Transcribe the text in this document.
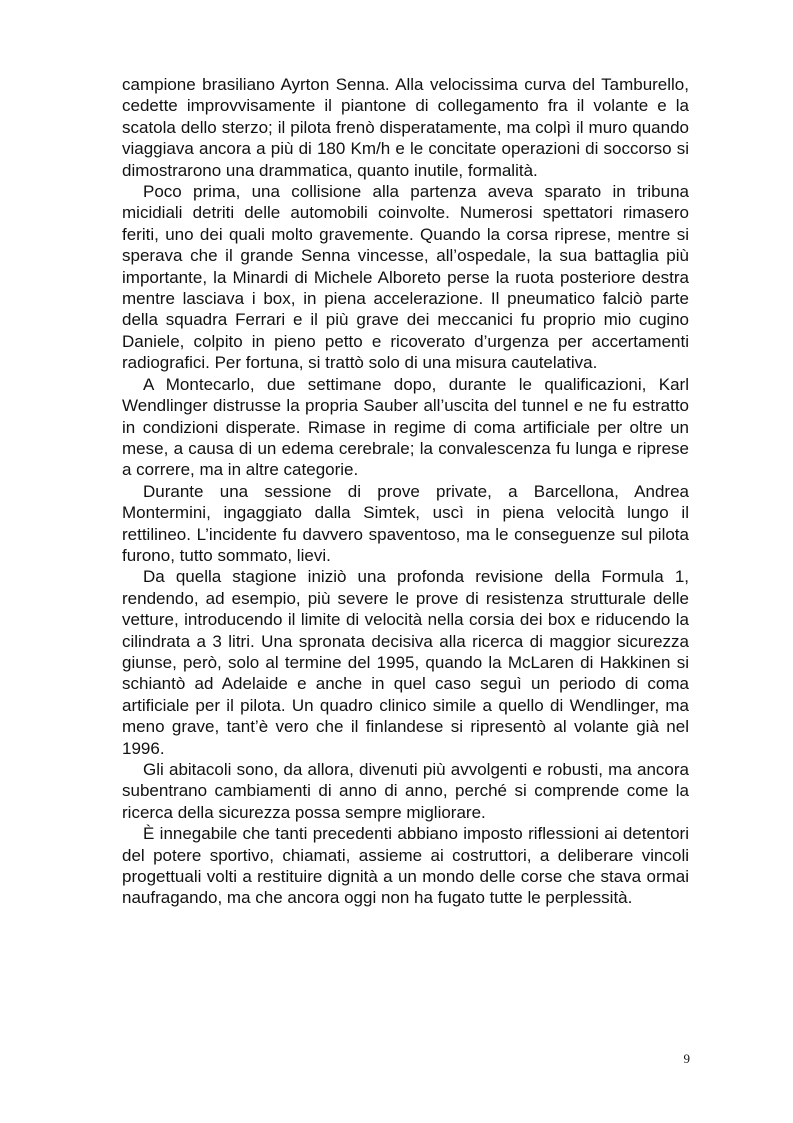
campione brasiliano Ayrton Senna. Alla velocissima curva del Tamburello, cedette improvvisamente il piantone di collegamento fra il volante e la scatola dello sterzo; il pilota frenò disperatamente, ma colpì il muro quando viaggiava ancora a più di 180 Km/h e le concitate operazioni di soccorso si dimostrarono una drammatica, quanto inutile, formalità.

Poco prima, una collisione alla partenza aveva sparato in tribuna micidiali detriti delle automobili coinvolte. Numerosi spettatori rimasero feriti, uno dei quali molto gravemente. Quando la corsa riprese, mentre si sperava che il grande Senna vincesse, all’ospedale, la sua battaglia più importante, la Minardi di Michele Alboreto perse la ruota posteriore destra mentre lasciava i box, in piena accelerazione. Il pneumatico falciò parte della squadra Ferrari e il più grave dei meccanici fu proprio mio cugino Daniele, colpito in pieno petto e ricoverato d’urgenza per accertamenti radiografici. Per fortuna, si trattò solo di una misura cautelativa.

A Montecarlo, due settimane dopo, durante le qualificazioni, Karl Wendlinger distrusse la propria Sauber all’uscita del tunnel e ne fu estratto in condizioni disperate. Rimase in regime di coma artificiale per oltre un mese, a causa di un edema cerebrale; la convalescenza fu lunga e riprese a correre, ma in altre categorie.

Durante una sessione di prove private, a Barcellona, Andrea Montermini, ingaggiato dalla Simtek, uscì in piena velocità lungo il rettilineo. L’incidente fu davvero spaventoso, ma le conseguenze sul pilota furono, tutto sommato, lievi.

Da quella stagione iniziò una profonda revisione della Formula 1, rendendo, ad esempio, più severe le prove di resistenza strutturale delle vetture, introducendo il limite di velocità nella corsia dei box e riducendo la cilindrata a 3 litri. Una spronata decisiva alla ricerca di maggior sicurezza giunse, però, solo al termine del 1995, quando la McLaren di Hakkinen si schiantò ad Adelaide e anche in quel caso seguì un periodo di coma artificiale per il pilota. Un quadro clinico simile a quello di Wendlinger, ma meno grave, tant’è vero che il finlandese si ripresentò al volante già nel 1996.

Gli abitacoli sono, da allora, divenuti più avvolgenti e robusti, ma ancora subentrano cambiamenti di anno di anno, perché si comprende come la ricerca della sicurezza possa sempre migliorare.

È innegabile che tanti precedenti abbiano imposto riflessioni ai detentori del potere sportivo, chiamati, assieme ai costruttori, a deliberare vincoli progettuali volti a restituire dignità a un mondo delle corse che stava ormai naufragando, ma che ancora oggi non ha fugato tutte le perplessità.

9
